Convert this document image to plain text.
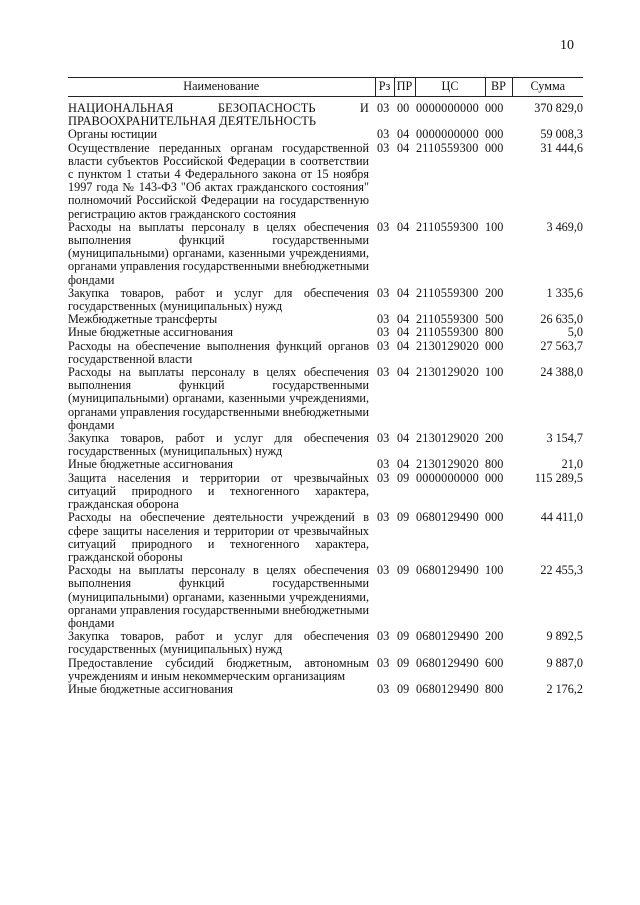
10
Наименование	Рз	ПР	ЦС	ВР	Сумма
НАЦИОНАЛЬНАЯ БЕЗОПАСНОСТЬ И ПРАВООХРАНИТЕЛЬНАЯ ДЕЯТЕЛЬНОСТЬ	03	00	0000000000	000	370 829,0
Органы юстиции	03	04	0000000000	000	59 008,3
Осуществление переданных органам государственной власти субъектов Российской Федерации в соответствии с пунктом 1 статьи 4 Федерального закона от 15 ноября 1997 года № 143-ФЗ "Об актах гражданского состояния" полномочий Российской Федерации на государственную регистрацию актов гражданского состояния	03	04	2110559300	000	31 444,6
Расходы на выплаты персоналу в целях обеспечения выполнения функций государственными (муниципальными) органами, казенными учреждениями, органами управления государственными внебюджетными фондами	03	04	2110559300	100	3 469,0
Закупка товаров, работ и услуг для обеспечения государственных (муниципальных) нужд	03	04	2110559300	200	1 335,6
Межбюджетные трансферты	03	04	2110559300	500	26 635,0
Иные бюджетные ассигнования	03	04	2110559300	800	5,0
Расходы на обеспечение выполнения функций органов государственной власти	03	04	2130129020	000	27 563,7
Расходы на выплаты персоналу в целях обеспечения выполнения функций государственными (муниципальными) органами, казенными учреждениями, органами управления государственными внебюджетными фондами	03	04	2130129020	100	24 388,0
Закупка товаров, работ и услуг для обеспечения государственных (муниципальных) нужд	03	04	2130129020	200	3 154,7
Иные бюджетные ассигнования	03	04	2130129020	800	21,0
Защита населения и территории от чрезвычайных ситуаций природного и техногенного характера, гражданская оборона	03	09	0000000000	000	115 289,5
Расходы на обеспечение деятельности учреждений в сфере защиты населения и территории от чрезвычайных ситуаций природного и техногенного характера, гражданской обороны	03	09	0680129490	000	44 411,0
Расходы на выплаты персоналу в целях обеспечения выполнения функций государственными (муниципальными) органами, казенными учреждениями, органами управления государственными внебюджетными фондами	03	09	0680129490	100	22 455,3
Закупка товаров, работ и услуг для обеспечения государственных (муниципальных) нужд	03	09	0680129490	200	9 892,5
Предоставление субсидий бюджетным, автономным учреждениям и иным некоммерческим организациям	03	09	0680129490	600	9 887,0
Иные бюджетные ассигнования	03	09	0680129490	800	2 176,2
